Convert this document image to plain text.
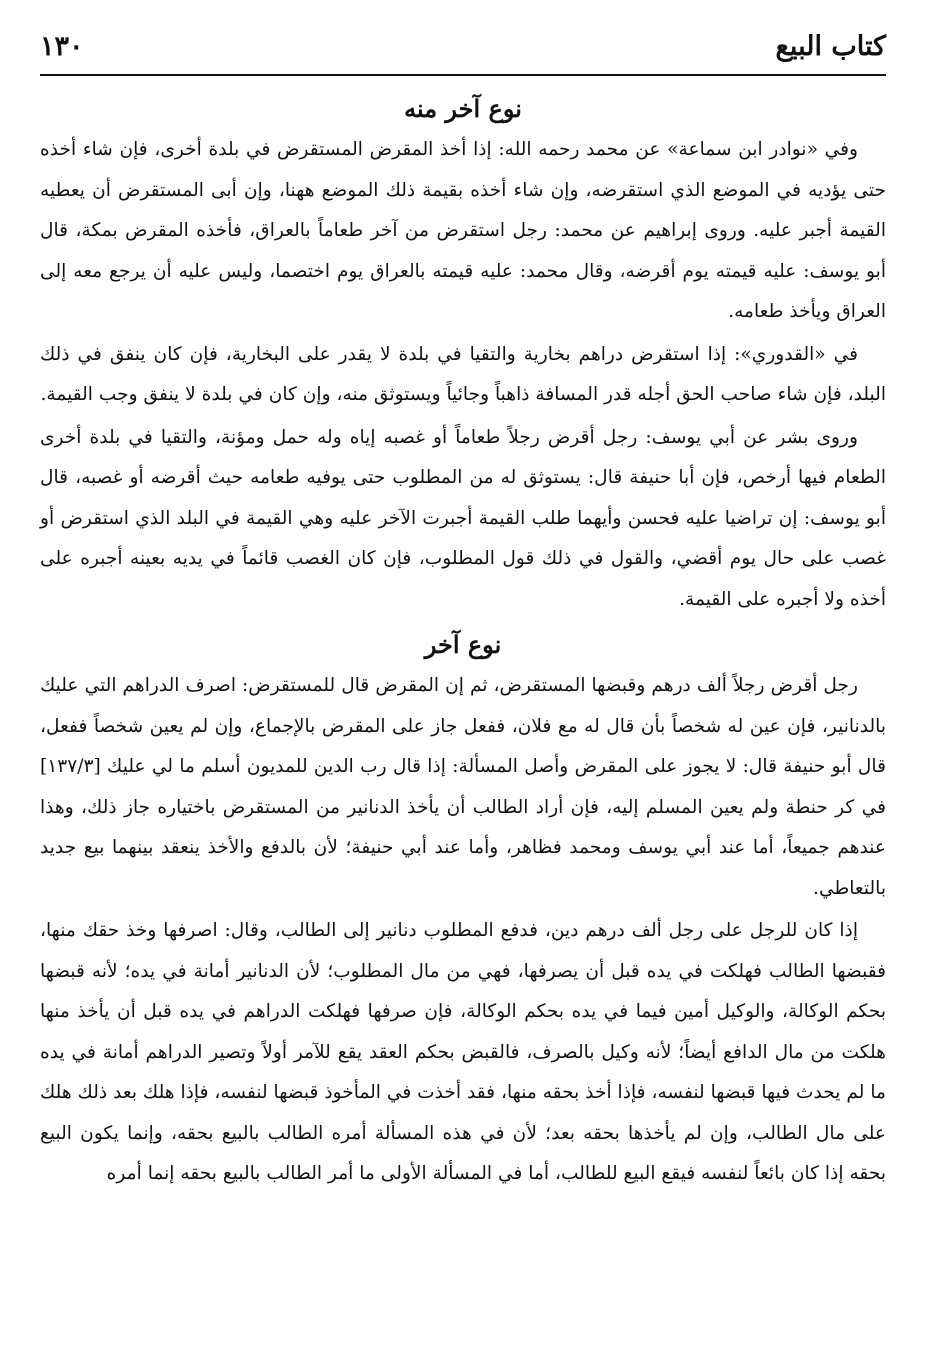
كتاب البيع
١٣٠
نوع آخر منه

وفي «نوادر ابن سماعة» عن محمد رحمه الله: إذا أخذ المقرض المستقرض في بلدة أخرى، فإن شاء أخذه حتى يؤديه في الموضع الذي استقرضه، وإن شاء أخذه بقيمة ذلك الموضع ههنا، وإن أبى المستقرض أن يعطيه القيمة أجبر عليه. وروى إبراهيم عن محمد: رجل استقرض من آخر طعاماً بالعراق، فأخذه المقرض بمكة، قال أبو يوسف: عليه قيمته يوم أقرضه، وقال محمد: عليه قيمته بالعراق يوم اختصما، وليس عليه أن يرجع معه إلى العراق ويأخذ طعامه.

في «القدوري»: إذا استقرض دراهم بخارية والتقيا في بلدة لا يقدر على البخارية، فإن كان ينفق في ذلك البلد، فإن شاء صاحب الحق أجله قدر المسافة ذاهباً وجائياً ويستوثق منه، وإن كان في بلدة لا ينفق وجب القيمة.

وروى بشر عن أبي يوسف: رجل أقرض رجلاً طعاماً أو غصبه إياه وله حمل ومؤنة، والتقيا في بلدة أخرى الطعام فيها أرخص، فإن أبا حنيفة قال: يستوثق له من المطلوب حتى يوفيه طعامه حيث أقرضه أو غصبه، قال أبو يوسف: إن تراضيا عليه فحسن وأيهما طلب القيمة أجبرت الآخر عليه وهي القيمة في البلد الذي استقرض أو غصب على حال يوم أقضي، والقول في ذلك قول المطلوب، فإن كان الغصب قائماً في يديه بعينه أجبره على أخذه ولا أجبره على القيمة.

نوع آخر

رجل أقرض رجلاً ألف درهم وقبضها المستقرض، ثم إن المقرض قال للمستقرض: اصرف الدراهم التي عليك بالدنانير، فإن عين له شخصاً بأن قال له مع فلان، ففعل جاز على المقرض بالإجماع، وإن لم يعين شخصاً ففعل، قال أبو حنيفة قال: لا يجوز على المقرض وأصل المسألة: إذا قال رب الدين للمديون أسلم ما لي عليك [١٣٧/٣] في كر حنطة ولم يعين المسلم إليه، فإن أراد الطالب أن يأخذ الدنانير من المستقرض باختياره جاز ذلك، وهذا عندهم جميعاً، أما عند أبي يوسف ومحمد فظاهر، وأما عند أبي حنيفة؛ لأن بالدفع والأخذ ينعقد بينهما بيع جديد بالتعاطي.

إذا كان للرجل على رجل ألف درهم دين، فدفع المطلوب دنانير إلى الطالب، وقال: اصرفها وخذ حقك منها، فقبضها الطالب فهلكت في يده قبل أن يصرفها، فهي من مال المطلوب؛ لأن الدنانير أمانة في يده؛ لأنه قبضها بحكم الوكالة، والوكيل أمين فيما في يده بحكم الوكالة، فإن صرفها فهلكت الدراهم في يده قبل أن يأخذ منها هلكت من مال الدافع أيضاً؛ لأنه وكيل بالصرف، فالقبض بحكم العقد يقع للآمر أولاً وتصير الدراهم أمانة في يده ما لم يحدث فيها قبضها لنفسه، فإذا أخذ بحقه منها، فقد أخذت في المأخوذ قبضها لنفسه، فإذا هلك بعد ذلك هلك على مال الطالب، وإن لم يأخذها بحقه بعد؛ لأن في هذه المسألة أمره الطالب بالبيع بحقه، وإنما يكون البيع بحقه إذا كان بائعاً لنفسه فيقع البيع للطالب، أما في المسألة الأولى ما أمر الطالب بالبيع بحقه إنما أمره
